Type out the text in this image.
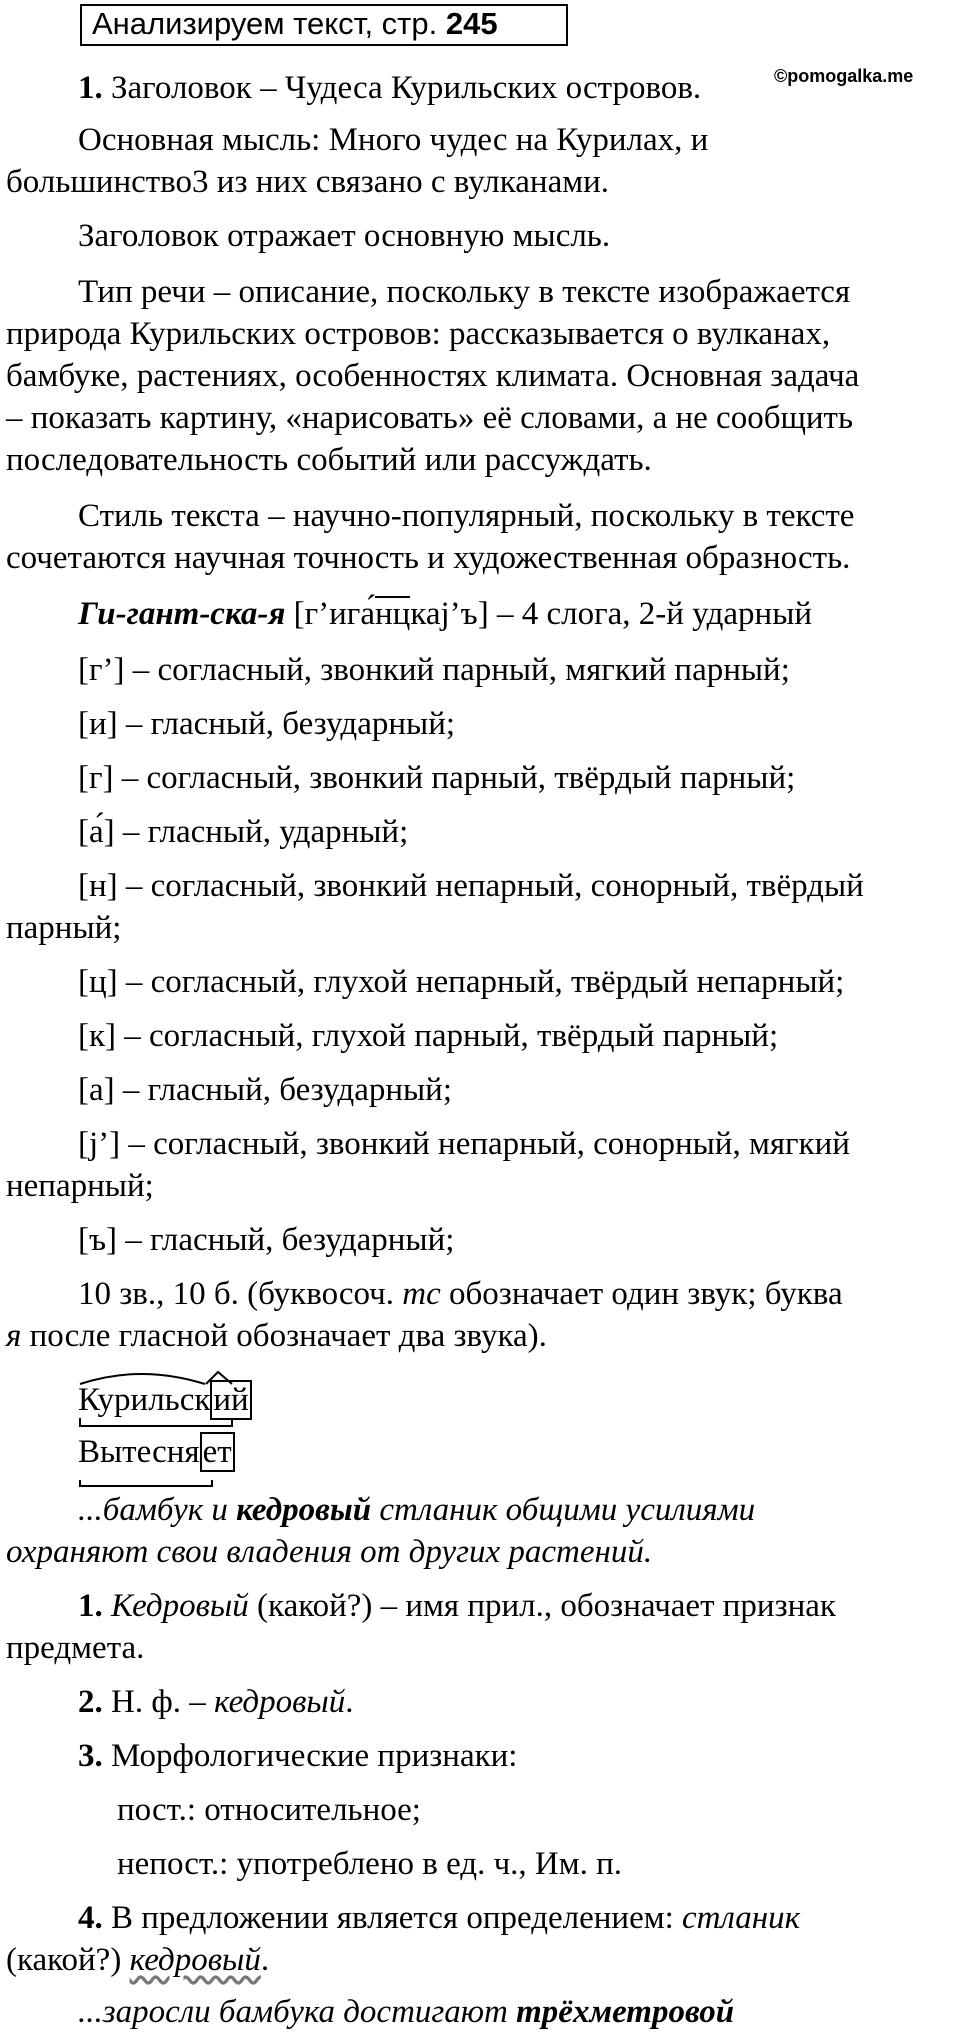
Анализируем текст, стр. 245
©pomogalka.me
1. Заголовок – Чудеса Курильских островов.
Основная мысль: Много чудес на Курилах, и
большинство3 из них связано с вулканами.
Заголовок отражает основную мысль.
Тип речи – описание, поскольку в тексте изображается
природа Курильских островов: рассказывается о вулканах,
бамбуке, растениях, особенностях климата. Основная задача
– показать картину, «нарисовать» её словами, а не сообщить
последовательность событий или рассуждать.
Стиль текста – научно-популярный, поскольку в тексте
сочетаются научная точность и художественная образность.
Ги-гант-ска-я [г’ига́нц
каj’ъ] – 4 слога, 2-й ударный
[г’] – согласный, звонкий парный, мягкий парный;
[и] – гласный, безударный;
[г] – согласный, звонкий парный, твёрдый парный;
[а́] – гласный, ударный;
[н] – согласный, звонкий непарный, сонорный, твёрдый
парный;
[ц] – согласный, глухой непарный, твёрдый непарный;
[к] – согласный, глухой парный, твёрдый парный;
[а] – гласный, безударный;
[j’] – согласный, звонкий непарный, сонорный, мягкий
непарный;
[ъ] – гласный, безударный;
10 зв., 10 б. (буквосоч. тс обозначает один звук; буква
я после гласной обозначает два звука).
Курильский
Вытесняет
...бамбук и кедровый стланик общими усилиями
охраняют свои владения от других растений.
1. Кедровый (какой?) – имя прил., обозначает признак
предмета.
2. Н. ф. – кедровый.
3. Морфологические признаки:
пост.: относительное;
непост.: употреблено в ед. ч., Им. п.
4. В предложении является определением: стланик
(какой?) кедровый.
...заросли бамбука достигают трёхметровой
